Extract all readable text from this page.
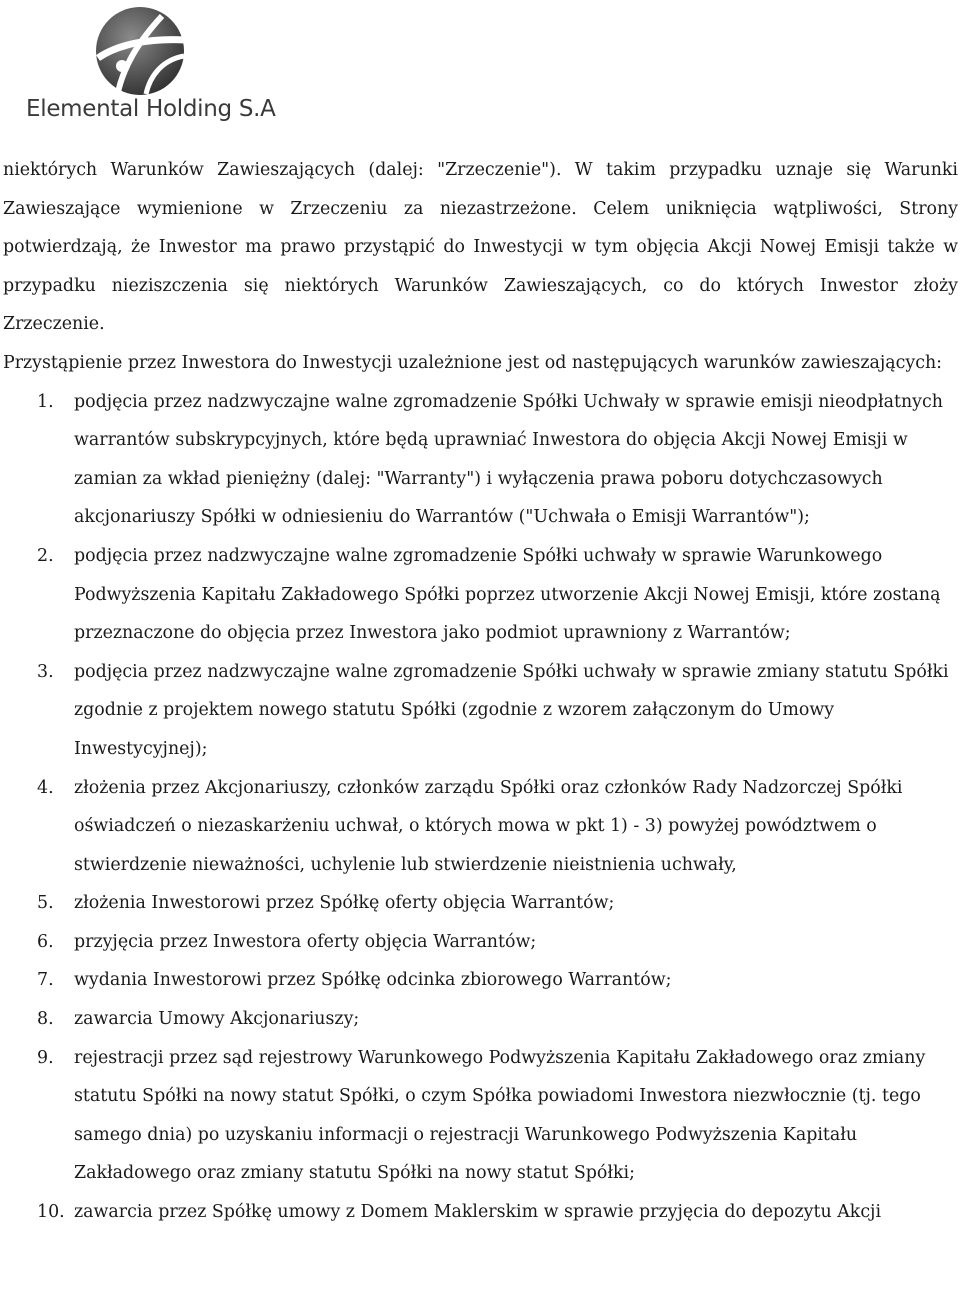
Elemental Holding S.A

niektórych Warunków Zawieszających (dalej: "Zrzeczenie"). W takim przypadku uznaje się Warunki Zawieszające wymienione w Zrzeczeniu za niezastrzeżone. Celem uniknięcia wątpliwości, Strony potwierdzają, że Inwestor ma prawo przystąpić do Inwestycji w tym objęcia Akcji Nowej Emisji także w przypadku nieziszczenia się niektórych Warunków Zawieszających, co do których Inwestor złoży Zrzeczenie.

Przystąpienie przez Inwestora do Inwestycji uzależnione jest od następujących warunków zawieszających:

1.	podjęcia przez nadzwyczajne walne zgromadzenie Spółki Uchwały w sprawie emisji nieodpłatnych warrantów subskrypcyjnych, które będą uprawniać Inwestora do objęcia Akcji Nowej Emisji w zamian za wkład pieniężny (dalej: "Warranty") i wyłączenia prawa poboru dotychczasowych akcjonariuszy Spółki w odniesieniu do Warrantów ("Uchwała o Emisji Warrantów");
2.	podjęcia przez nadzwyczajne walne zgromadzenie Spółki uchwały w sprawie Warunkowego Podwyższenia Kapitału Zakładowego Spółki poprzez utworzenie Akcji Nowej Emisji, które zostaną przeznaczone do objęcia przez Inwestora jako podmiot uprawniony z Warrantów;
3.	podjęcia przez nadzwyczajne walne zgromadzenie Spółki uchwały w sprawie zmiany statutu Spółki zgodnie z projektem nowego statutu Spółki (zgodnie z wzorem załączonym do Umowy Inwestycyjnej);
4.	złożenia przez Akcjonariuszy, członków zarządu Spółki oraz członków Rady Nadzorczej Spółki oświadczeń o niezaskarżeniu uchwał, o których mowa w pkt 1) - 3) powyżej powództwem o stwierdzenie nieważności, uchylenie lub stwierdzenie nieistnienia uchwały,
5.	złożenia Inwestorowi przez Spółkę oferty objęcia Warrantów;
6.	przyjęcia przez Inwestora oferty objęcia Warrantów;
7.	wydania Inwestorowi przez Spółkę odcinka zbiorowego Warrantów;
8.	zawarcia Umowy Akcjonariuszy;
9.	rejestracji przez sąd rejestrowy Warunkowego Podwyższenia Kapitału Zakładowego oraz zmiany statutu Spółki na nowy statut Spółki, o czym Spółka powiadomi Inwestora niezwłocznie (tj. tego samego dnia) po uzyskaniu informacji o rejestracji Warunkowego Podwyższenia Kapitału Zakładowego oraz zmiany statutu Spółki na nowy statut Spółki;
10. zawarcia przez Spółkę umowy z Domem Maklerskim w sprawie przyjęcia do depozytu Akcji
